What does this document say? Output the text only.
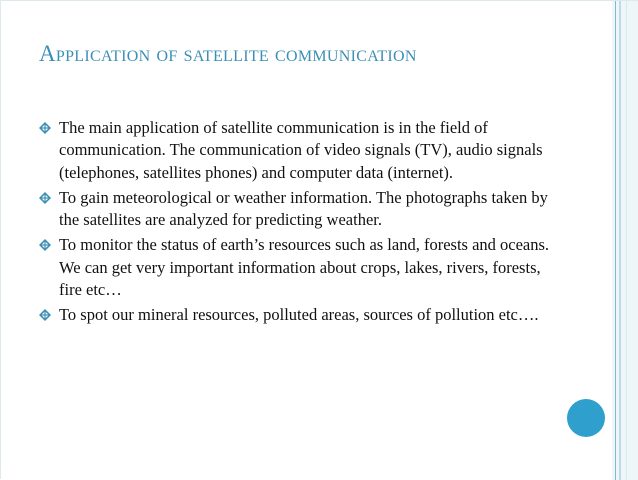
Application of satellite communication
The main application of satellite communication is in the field of communication. The communication of video signals (TV), audio signals (telephones, satellites phones) and computer data (internet).
To gain meteorological or weather information. The photographs taken by the satellites are analyzed for predicting weather.
To monitor the status of earth’s resources such as land, forests and oceans. We can get very important information about crops, lakes, rivers, forests, fire etc…
To spot our mineral resources, polluted areas, sources of pollution etc….
